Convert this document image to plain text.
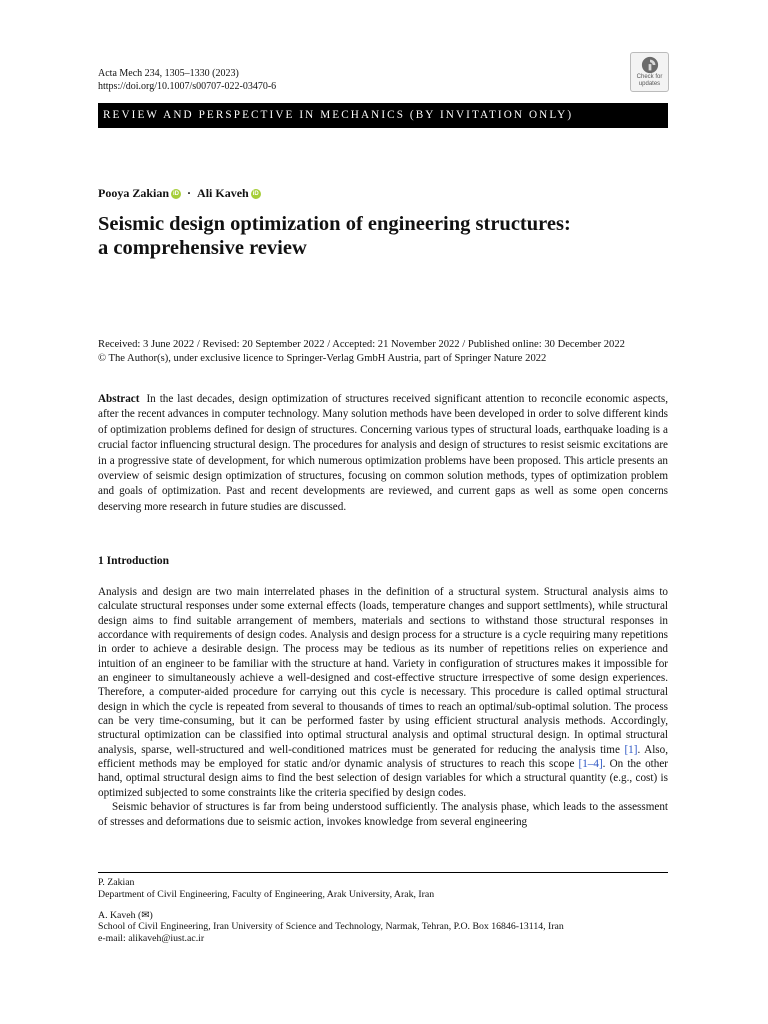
Acta Mech 234, 1305–1330 (2023)
https://doi.org/10.1007/s00707-022-03470-6
Check for
updates
REVIEW AND PERSPECTIVE IN MECHANICS (BY INVITATION ONLY)
Pooya Zakian iD · Ali Kaveh iD
Seismic design optimization of engineering structures:
a comprehensive review
Received: 3 June 2022 / Revised: 20 September 2022 / Accepted: 21 November 2022 / Published online: 30 December 2022
© The Author(s), under exclusive licence to Springer-Verlag GmbH Austria, part of Springer Nature 2022

Abstract In the last decades, design optimization of structures received significant attention to reconcile economic aspects, after the recent advances in computer technology. Many solution methods have been developed in order to solve different kinds of optimization problems defined for design of structures. Concerning various types of structural loads, earthquake loading is a crucial factor influencing structural design. The procedures for analysis and design of structures to resist seismic excitations are in a progressive state of development, for which numerous optimization problems have been proposed. This article presents an overview of seismic design optimization of structures, focusing on common solution methods, types of optimization problem and goals of optimization. Past and recent developments are reviewed, and current gaps as well as some open concerns deserving more research in future studies are discussed.

1 Introduction

Analysis and design are two main interrelated phases in the definition of a structural system. Structural analysis aims to calculate structural responses under some external effects (loads, temperature changes and support settlments), while structural design aims to find suitable arrangement of members, materials and sections to withstand those structural responses in accordance with requirements of design codes. Analysis and design process for a structure is a cycle requiring many repetitions in order to achieve a desirable design. The process may be tedious as its number of repetitions relies on experience and intuition of an engineer to be familiar with the structure at hand. Variety in configuration of structures makes it impossible for an engineer to simultaneously achieve a well-designed and cost-effective structure irrespective of some design experiences. Therefore, a computer-aided procedure for carrying out this cycle is necessary. This procedure is called optimal structural design in which the cycle is repeated from several to thousands of times to reach an optimal/sub-optimal solution. The process can be very time-consuming, but it can be performed faster by using efficient structural analysis methods. Accordingly, structural optimization can be classified into optimal structural analysis and optimal structural design. In optimal structural analysis, sparse, well-structured and well-conditioned matrices must be generated for reducing the analysis time [1]. Also, efficient methods may be employed for static and/or dynamic analysis of structures to reach this scope [1–4]. On the other hand, optimal structural design aims to find the best selection of design variables for which a structural quantity (e.g., cost) is optimized subjected to some constraints like the criteria specified by design codes.

Seismic behavior of structures is far from being understood sufficiently. The analysis phase, which leads to the assessment of stresses and deformations due to seismic action, invokes knowledge from several engineering

P. Zakian
Department of Civil Engineering, Faculty of Engineering, Arak University, Arak, Iran
A. Kaveh (✉)
School of Civil Engineering, Iran University of Science and Technology, Narmak, Tehran, P.O. Box 16846-13114, Iran
e-mail: alikaveh@iust.ac.ir
